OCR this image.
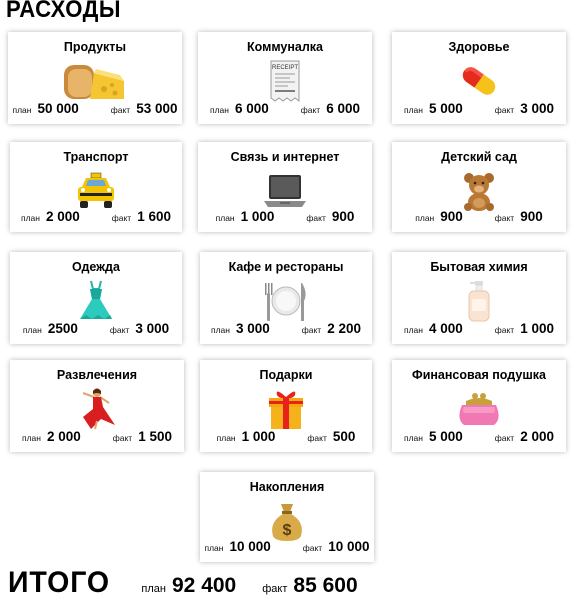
РАСХОДЫ
Продукты
план 50 000	факт 53 000
Коммуналка
RECEIPT
план 6 000	факт 6 000
Здоровье
план 5 000	факт 3 000
Транспорт
план 2 000	факт 1 600
Связь и интернет
план 1 000	факт 900
Детский сад
план 900	факт 900
Одежда
план 2500	факт 3 000
Кафе и рестораны
план 3 000	факт 2 200
Бытовая химия
план 4 000	факт 1 000
Развлечения
план 2 000	факт 1 500
Подарки
план 1 000	факт 500
Финансовая подушка
план 5 000	факт 2 000
Накопления
$
план 10 000	факт 10 000
ИТОГО	план 92 400 факт 85 600
